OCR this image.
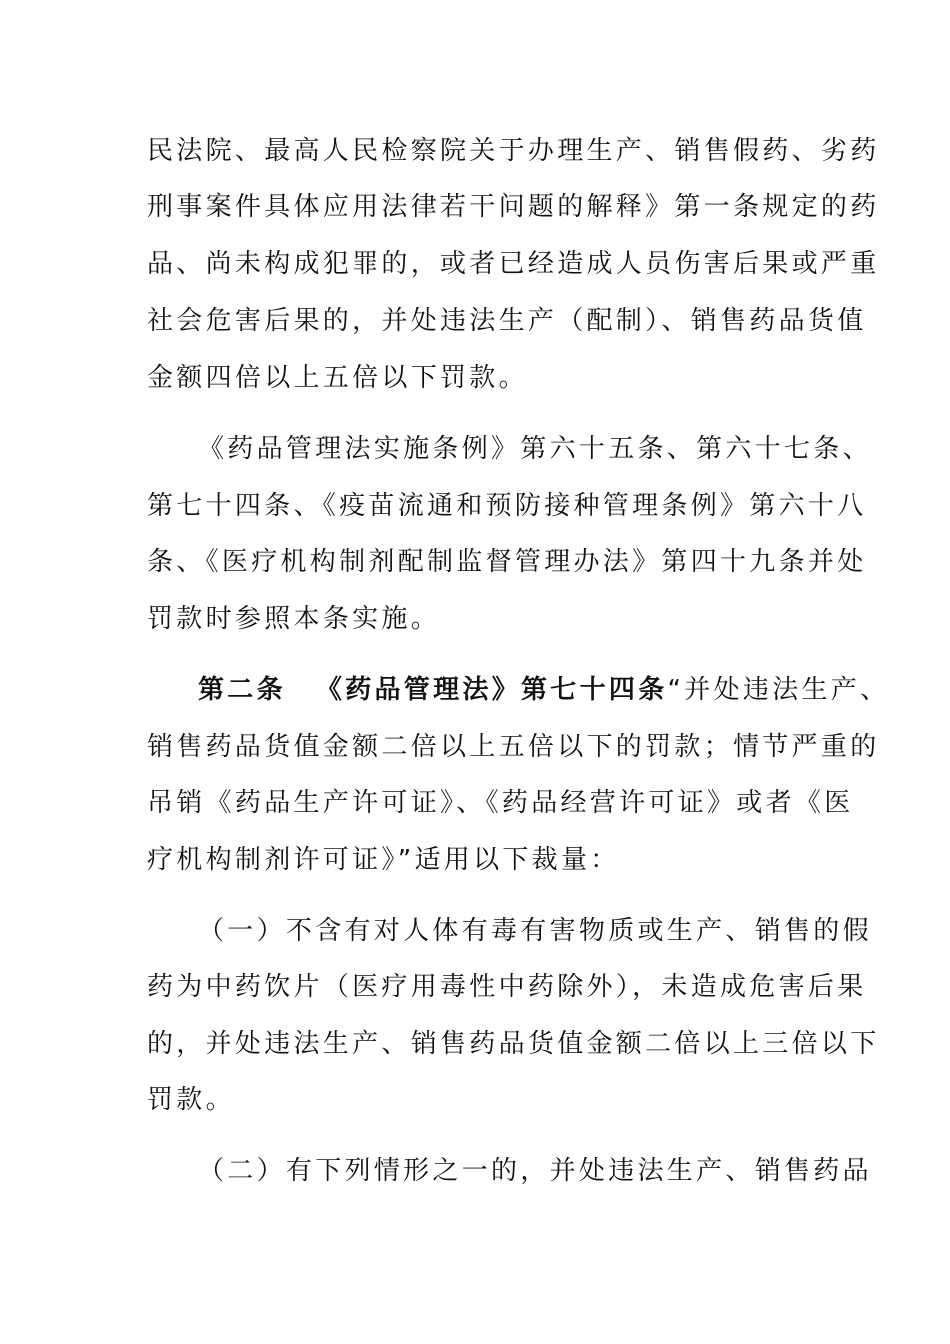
民法院、最高人民检察院关于办理生产、销售假药、劣药
刑事案件具体应用法律若干问题的解释》第一条规定的药
品、尚未构成犯罪的，或者已经造成人员伤害后果或严重
社会危害后果的，并处违法生产（配制）、销售药品货值
金额四倍以上五倍以下罚款。
《药品管理法实施条例》第六十五条、第六十七条、
第七十四条、《疫苗流通和预防接种管理条例》第六十八
条、《医疗机构制剂配制监督管理办法》第四十九条并处
罚款时参照本条实施。
第二条 《药品管理法》第七十四条“并处违法生产、
销售药品货值金额二倍以上五倍以下的罚款；情节严重的
吊销《药品生产许可证》、《药品经营许可证》或者《医
疗机构制剂许可证》”适用以下裁量：
（一）不含有对人体有毒有害物质或生产、销售的假
药为中药饮片（医疗用毒性中药除外），未造成危害后果
的，并处违法生产、销售药品货值金额二倍以上三倍以下
罚款。
（二）有下列情形之一的，并处违法生产、销售药品
